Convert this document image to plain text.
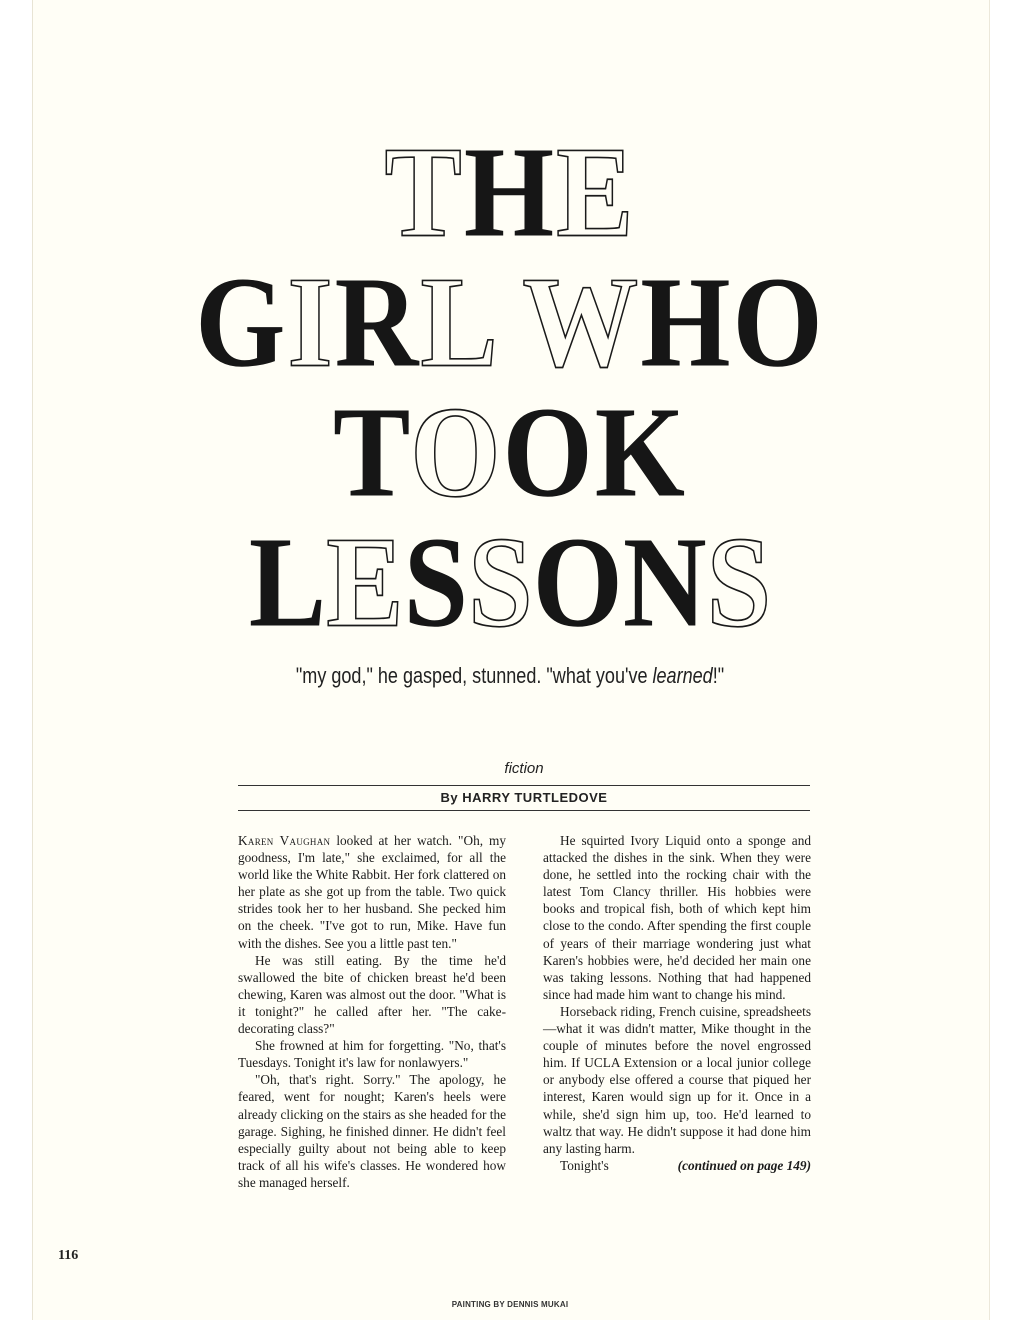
THE
GIRL WHO
TOOK
LESSONS
"my god," he gasped, stunned. "what you've learned!"
fiction
By HARRY TURTLEDOVE

Karen Vaughan looked at her watch. "Oh, my goodness, I'm late," she exclaimed, for all the world like the White Rabbit. Her fork clattered on her plate as she got up from the table. Two quick strides took her to her husband. She pecked him on the cheek. "I've got to run, Mike. Have fun with the dishes. See you a little past ten."

He was still eating. By the time he'd swallowed the bite of chicken breast he'd been chewing, Karen was almost out the door. "What is it tonight?" he called after her. "The cake-decorating class?"

She frowned at him for forgetting. "No, that's Tuesdays. Tonight it's law for nonlawyers."

"Oh, that's right. Sorry." The apology, he feared, went for nought; Karen's heels were already clicking on the stairs as she headed for the garage. Sighing, he finished dinner. He didn't feel especially guilty about not being able to keep track of all his wife's classes. He wondered how she managed herself.

He squirted Ivory Liquid onto a sponge and attacked the dishes in the sink. When they were done, he settled into the rocking chair with the latest Tom Clancy thriller. His hobbies were books and tropical fish, both of which kept him close to the condo. After spending the first couple of years of their marriage wondering just what Karen's hobbies were, he'd decided her main one was taking lessons. Nothing that had happened since had made him want to change his mind.

Horseback riding, French cuisine, spreadsheets—what it was didn't matter, Mike thought in the couple of minutes before the novel engrossed him. If UCLA Extension or a local junior college or anybody else offered a course that piqued her interest, Karen would sign up for it. Once in a while, she'd sign him up, too. He'd learned to waltz that way. He didn't suppose it had done him any lasting harm.

Tonight's	(continued on page 149)

116
PAINTING BY DENNIS MUKAI
